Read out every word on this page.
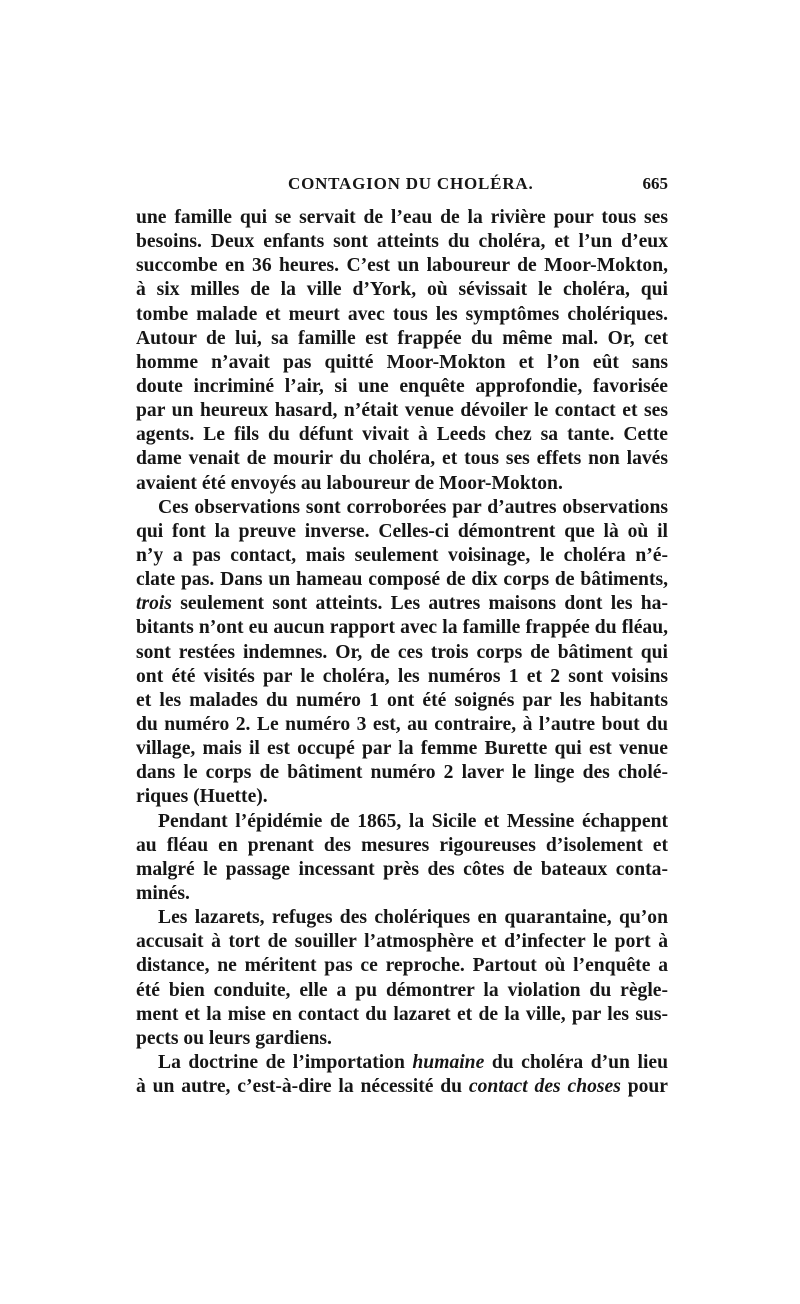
CONTAGION DU CHOLÉRA.	665
une famille qui se servait de l’eau de la rivière pour tous ses
besoins. Deux enfants sont atteints du choléra, et l’un d’eux
succombe en 36 heures. C’est un laboureur de Moor-Mokton,
à six milles de la ville d’York, où sévissait le choléra, qui
tombe malade et meurt avec tous les symptômes cholériques.
Autour de lui, sa famille est frappée du même mal. Or, cet
homme n’avait pas quitté Moor-Mokton et l’on eût sans
doute incriminé l’air, si une enquête approfondie, favorisée
par un heureux hasard, n’était venue dévoiler le contact et ses
agents. Le fils du défunt vivait à Leeds chez sa tante. Cette
dame venait de mourir du choléra, et tous ses effets non lavés
avaient été envoyés au laboureur de Moor-Mokton.
Ces observations sont corroborées par d’autres observations
qui font la preuve inverse. Celles-ci démontrent que là où il
n’y a pas contact, mais seulement voisinage, le choléra n’é-
clate pas. Dans un hameau composé de dix corps de bâtiments,
trois seulement sont atteints. Les autres maisons dont les ha-
bitants n’ont eu aucun rapport avec la famille frappée du fléau,
sont restées indemnes. Or, de ces trois corps de bâtiment qui
ont été visités par le choléra, les numéros 1 et 2 sont voisins
et les malades du numéro 1 ont été soignés par les habitants
du numéro 2. Le numéro 3 est, au contraire, à l’autre bout du
village, mais il est occupé par la femme Burette qui est venue
dans le corps de bâtiment numéro 2 laver le linge des cholé-
riques (Huette).
Pendant l’épidémie de 1865, la Sicile et Messine échappent
au fléau en prenant des mesures rigoureuses d’isolement et
malgré le passage incessant près des côtes de bateaux conta-
minés.
Les lazarets, refuges des cholériques en quarantaine, qu’on
accusait à tort de souiller l’atmosphère et d’infecter le port à
distance, ne méritent pas ce reproche. Partout où l’enquête a
été bien conduite, elle a pu démontrer la violation du règle-
ment et la mise en contact du lazaret et de la ville, par les sus-
pects ou leurs gardiens.
La doctrine de l’importation humaine du choléra d’un lieu
à un autre, c’est-à-dire la nécessité du contact des choses pour
